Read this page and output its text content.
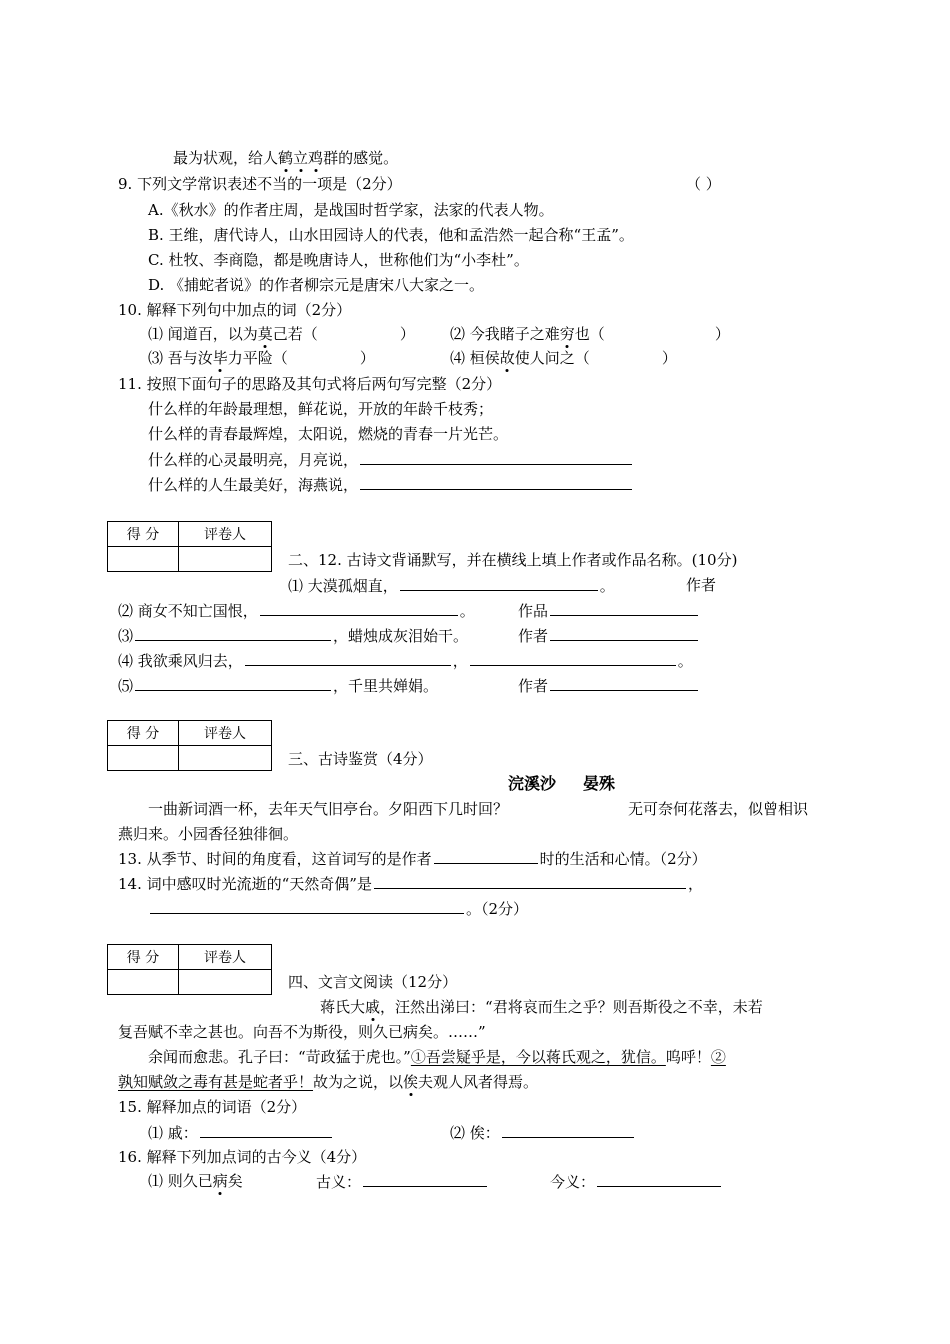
最为状观，给人鹤立鸡群的感觉。
9. 下列文学常识表述不当的一项是（2分）	（ ）
A.《秋水》的作者庄周，是战国时哲学家，法家的代表人物。
B. 王维，唐代诗人，山水田园诗人的代表，他和孟浩然一起合称“王孟”。
C. 杜牧、李商隐，都是晚唐诗人，世称他们为“小李杜”。
D. 《捕蛇者说》的作者柳宗元是唐宋八大家之一。
10. 解释下列句中加点的词（2分）
⑴ 闻道百，以为莫己若（	） ⑵ 今我睹子之难穷也（	）
⑶ 吾与汝毕力平险（	）	⑷ 桓侯故使人问之（	）
11. 按照下面句子的思路及其句式将后两句写完整（2分）
什么样的年龄最理想，鲜花说，开放的年龄千枝秀；
什么样的青春最辉煌，太阳说，燃烧的青春一片光芒。
什么样的心灵最明亮，月亮说，
什么样的人生最美好，海燕说，
得 分	评卷人

二、12. 古诗文背诵默写，并在横线上填上作者或作品名称。(10分)
⑴ 大漠孤烟直，	。	作者
⑵ 商女不知亡国恨，	。	作品
⑶	，蜡烛成灰泪始干。	作者
⑷ 我欲乘风归去，	，	。
⑸	，千里共婵娟。	作者
得 分	评卷人

三、古诗鉴赏（4分）
浣溪沙 晏殊
一曲新词酒一杯，去年天气旧亭台。夕阳西下几时回？	无可奈何花落去，似曾相识
燕归来。小园香径独徘徊。
13. 从季节、时间的角度看，这首词写的是作者	时的生活和心情。（2分）
14. 词中感叹时光流逝的“天然奇偶”是	，
。（2分）
得 分	评卷人

四、文言文阅读（12分）
蒋氏大戚，汪然出涕曰：“君将哀而生之乎？则吾斯役之不幸，未若
复吾赋不幸之甚也。向吾不为斯役，则久已病矣。……”
余闻而愈悲。孔子曰：“苛政猛于虎也。”①吾尝疑乎是，今以蒋氏观之，犹信。呜呼！②
孰知赋敛之毒有甚是蛇者乎！故为之说，以俟夫观人风者得焉。
15. 解释加点的词语（2分）
⑴ 戚：	⑵ 俟：
16. 解释下列加点词的古今义（4分）
⑴ 则久已病矣	古义：	今义：
